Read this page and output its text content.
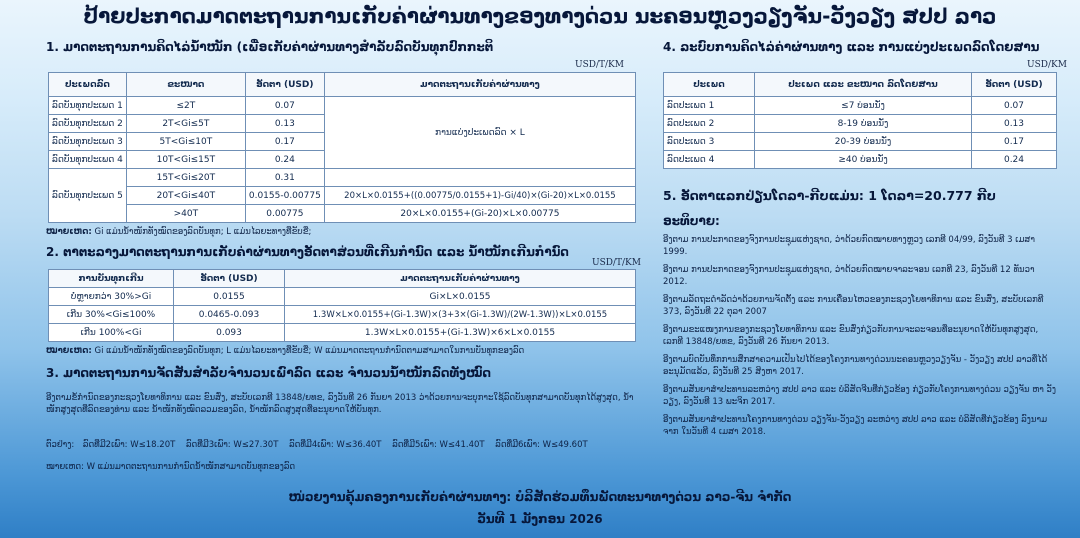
ປ້າຍປະກາດມາດຕະຖານການເກັບຄ່າຜ່ານທາງຂອງທາງດ່ວນ ນະຄອນຫຼວງວຽງຈັນ-ວັງວຽງ ສປປ ລາວ
1. ມາດຕະຖານການຄິດໄລ່ນ້ຳໜັກ (ເພື່ອເກັບຄ່າຜ່ານທາງສຳລັບລົດບັນທຸກປົກກະຕິ
USD/T/KM
ປະເພດລົດ	ຂະໜາດ	ອັດຕາ (USD)	ມາດຕະຖານເກັບຄ່າຜ່ານທາງ
ລົດບັນທຸກປະເພດ 1	≤2T	0.07	ການແບ່ງປະເພດລົດ × L
ລົດບັນທຸກປະເພດ 2	2T<Gi≤5T	0.13	
ລົດບັນທຸກປະເພດ 3	5T<Gi≤10T	0.17	
ລົດບັນທຸກປະເພດ 4	10T<Gi≤15T	0.24	
ລົດບັນທຸກປະເພດ 5	15T<Gi≤20T	0.31	
	20T<Gi≤40T	0.0155-0.00775	20×L×0.0155+((0.00775/0.0155+1)-Gi/40)×(Gi-20)×L×0.0155
	>40T	0.00775	20×L×0.0155+(Gi-20)×L×0.00775
ໝາຍເຫດ: Gi ແມ່ນນ້ຳໜັກທັງໝົດຂອງລົດບັນທຸກ; L ແມ່ນໄລຍະທາງທີ່ຂັບຂີ່;
2. ຕາຕະລາງມາດຕະຖານການເກັບຄ່າຜ່ານທາງອັດຕາສ່ວນທີ່ເກີນກຳນົດ ແລະ ນ້ຳໜັກເກີນກຳນົດ
USD/T/KM
ການບັນທຸກເກີນ	ອັດຕາ (USD)	ມາດຕະຖານເກັບຄ່າຜ່ານທາງ
ບໍ່ຫຼາຍກວ່າ 30%>Gi	0.0155	Gi×L×0.0155
ເກີນ 30%<Gi≤100%	0.0465-0.093	1.3W×L×0.0155+(Gi-1.3W)×(3+3×(Gi-1.3W)/(2W-1.3W))×L×0.0155
ເກີນ 100%<Gi	0.093	1.3W×L×0.0155+(Gi-1.3W)×6×L×0.0155
ໝາຍເຫດ: Gi ແມ່ນນ້ຳໜັກທັງໝົດຂອງລົດບັນທຸກ; L ແມ່ນໄລຍະທາງທີ່ຂັບຂີ່; W ແມ່ນມາດຕະຖານກຳນົດຕາມສາມາດໃນການບັນທຸກຂອງລົດ
3. ມາດຕະຖານການຈັດສັນສຳລັບຈຳນວນເພົາລົດ ແລະ ຈຳນວນນ້ຳໜັກລົດທັງໝົດ
ອີງຕາມຂໍ້ກຳນົດຂອງກະຊວງໂຍທາທິການ ແລະ ຂົນສົ່ງ, ສະບັບເລກທີ 13848/ຍທຂ, ລົງວັນທີ 26 ກັນຍາ 2013 ວ່າດ້ວຍການຈະບຸກາະໃຊ້ລົດບັນທຸກສາມາດບັນທຸກໄດ້ສູງສຸດ, ນ້ຳໜັກສູງສຸດທີ່ລົດຂອງທ່ານ ແລະ ນ້ຳໜັກທັງໝົດລວມຂອງລົດ, ນ້ຳໜັກລົດສູງສຸດທີ່ອະນຸຍາດໃຫ້ບັນທຸກ.
ຕົວຢ່າງ: ລົດທີ່ມີ2ເພົາ: W≤18.20T ລົດທີ່ມີ3ເພົາ: W≤27.30T ລົດທີ່ມີ4ເພົາ: W≤36.40T ລົດທີ່ມີ5ເພົາ: W≤41.40T ລົດທີ່ມີ6ເພົາ: W≤49.60T
ໝາຍເຫດ: W ແມ່ນມາດຕະຖານການກຳນົດນ້ຳໜັກສາມາດບັນທຸກຂອງລົດ
4. ລະບົບການຄິດໄລ່ຄ່າຜ່ານທາງ ແລະ ການແບ່ງປະເພດລົດໂດຍສານ
USD/KM
ປະເພດ	ປະເພດ ແລະ ຂະໜາດ ລົດໂດຍສານ	ອັດຕາ (USD)
ລົດປະເພດ 1	≤7 ບ່ອນນັ່ງ	0.07
ລົດປະເພດ 2	8-19 ບ່ອນນັ່ງ	0.13
ລົດປະເພດ 3	20-39 ບ່ອນນັ່ງ	0.17
ລົດປະເພດ 4	≥40 ບ່ອນນັ່ງ	0.24
5. ອັດຕາແລກປ່ຽນໂດລາ-ກີບແມ່ນ: 1 ໂດລາ=20.777 ກີບ
ອະທິບາຍ:
ອີງຕາມ ການປະກາດຂອງຈົງການປະຊຸມແຫ່ງຊາດ, ວ່າດ້ວຍກົດໝາຍທາງຫຼວງ ເລກທີ 04/99, ລົງວັນທີ 3 ເມສາ 1999.
ອີງຕາມ ການປະກາດຂອງຈົງການປະຊຸມແຫ່ງຊາດ, ວ່າດ້ວຍກົດໝາຍຈາລະຈອນ ເລກທີ 23, ລົງວັນທີ 12 ທັນວາ 2012.
ອີງຕາມລັດຖະດຳລັດວ່າດ້ວຍການຈັດຕັ້ງ ແລະ ການເຄື່ອນໄຫວຂອງກະຊວງໂຍທາທິການ ແລະ ຂົນສົ່ງ, ສະບັບເລກທີ 373, ລົງວັນທີ 22 ຕຸລາ 2007
ອີງຕາມຂະແໜງການຂອງກະຊວງໂຍທາທິການ ແລະ ຂົນສົ່ງກ່ຽວກັບການຈະລະຈອນທີ່ອະນຸຍາດໃຫ້ບັນທຸກສູງສຸດ, ເລກທີ 13848/ຍທຂ, ລົງວັນທີ 26 ກັນຍາ 2013.
ອີງຕາມບົດບັນທຶກການສຶກສາຄວາມເປັນໄປໄດ້ຂອງໂຄງການທາງດ່ວນນະຄອນຫຼວງວຽງຈັນ - ວັງວຽງ ສປປ ລາວທີ່ໄດ້ ອະນຸມັດແລ້ວ, ລົງວັນທີ 25 ສິງຫາ 2017.
ອີງຕາມສັນຍາສຳປະທານລະຫວ່າງ ສປປ ລາວ ແລະ ບໍລິສັດຈີນທີ່ກ່ຽວຂ້ອງ ກ່ຽວກັບໂຄງການທາງດ່ວນ ວຽງຈັນ ຫາ ວັງວຽງ, ລົງວັນທີ 13 ພະຈິກ 2017.
ອີງຕາມສັນຍາສຳປະທານໂຄງການທາງດ່ວນ ວຽງຈັນ-ວັງວຽງ ລະຫວ່າງ ສປປ ລາວ ແລະ ບໍລິສັດທີ່ກ່ຽວຂ້ອງ ລົງນາມ ຈາກ ໃນວັນທີ 4 ເມສາ 2018.
ໜ່ວຍງານຄຸ້ມຄອງການເກັບຄ່າຜ່ານທາງ: ບໍລິສັດຮ່ວມທຶນພັດທະນາທາງດ່ວນ ລາວ-ຈີນ ຈຳກັດ
ວັນທີ 1 ມັງກອນ 2026
